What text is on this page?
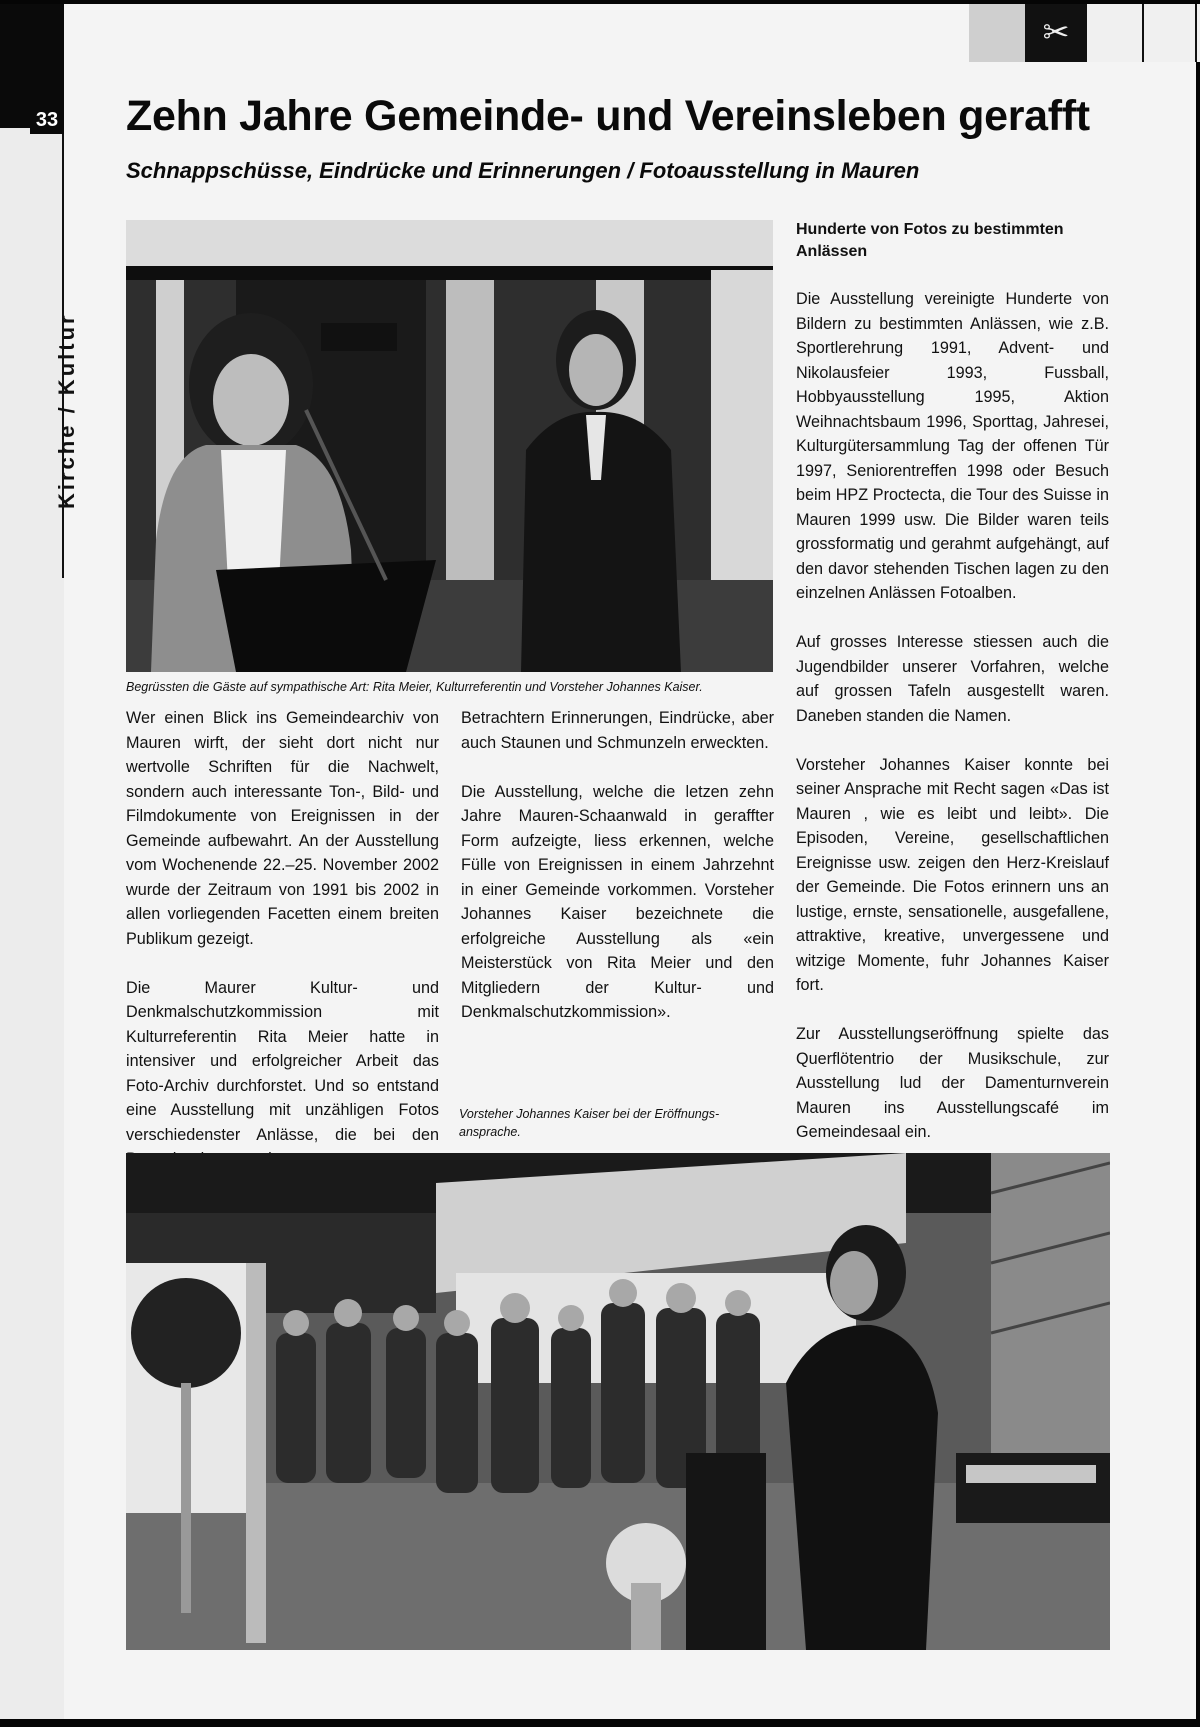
Kirche / Kultur
33
✂
Zehn Jahre Gemeinde- und Vereinsleben gerafft
Schnappschüsse, Eindrücke und Erinnerungen / Fotoausstellung in Mauren

Begrüssten die Gäste auf sympathische Art: Rita Meier, Kulturreferentin und Vorsteher Johannes Kaiser.

Wer einen Blick ins Gemeindearchiv von Mauren wirft, der sieht dort nicht nur wertvolle Schriften für die Nachwelt, sondern auch interessante Ton-, Bild- und Filmdokumente von Ereignissen in der Gemeinde aufbewahrt. An der Ausstellung vom Wochenende 22.–25. November 2002 wurde der Zeitraum von 1991 bis 2002 in allen vorliegenden Facetten einem breiten Publikum gezeigt.

Die Maurer Kultur- und Denkmalschutzkommission mit Kulturreferentin Rita Meier hatte in intensiver und erfolgreicher Arbeit das Foto-Archiv durchforstet. Und so entstand eine Ausstellung mit unzähligen Fotos verschiedenster Anlässe, die bei den

Betrachtern Erinnerungen, Eindrücke, aber auch Staunen und Schmunzeln erweckten.

Die Ausstellung, welche die letzen zehn Jahre Mauren-Schaanwald in geraffter Form aufzeigte, liess erkennen, welche Fülle von Ereignissen in einem Jahrzehnt in einer Gemeinde vorkommen. Vorsteher Johannes Kaiser bezeichnete die erfolgreiche Ausstellung als «ein Meisterstück von Rita Meier und den Mitgliedern der Kultur- und Denkmalschutzkommission».

Vorsteher Johannes Kaiser bei der Eröffnungs-ansprache.

Hunderte von Fotos zu bestimmten Anlässen

Die Ausstellung vereinigte Hunderte von Bildern zu bestimmten Anlässen, wie z.B. Sportlerehrung 1991, Advent- und Nikolausfeier 1993, Fussball, Hobbyausstellung 1995, Aktion Weihnachtsbaum 1996, Sporttag, Jahresei, Kulturgütersammlung Tag der offenen Tür 1997, Seniorentreffen 1998 oder Besuch beim HPZ Proctecta, die Tour des Suisse in Mauren 1999 usw. Die Bilder waren teils grossformatig und gerahmt aufgehängt, auf den davor stehenden Tischen lagen zu den einzelnen Anlässen Fotoalben.

Auf grosses Interesse stiessen auch die Jugendbilder unserer Vorfahren, welche auf grossen Tafeln ausgestellt waren. Daneben standen die Namen.

Vorsteher Johannes Kaiser konnte bei seiner Ansprache mit Recht sagen «Das ist Mauren , wie es leibt und leibt». Die Episoden, Vereine, gesellschaftlichen Ereignisse usw. zeigen den Herz-Kreislauf der Gemeinde. Die Fotos erinnern uns an lustige, ernste, sensationelle, ausgefallene, attraktive, kreative, unvergessene und witzige Momente, fuhr Johannes Kaiser fort.

Zur Ausstellungseröffnung spielte das Querflötentrio der Musikschule, zur Ausstellung lud der Damenturnverein Mauren ins Ausstellungscafé im Gemeindesaal ein.
